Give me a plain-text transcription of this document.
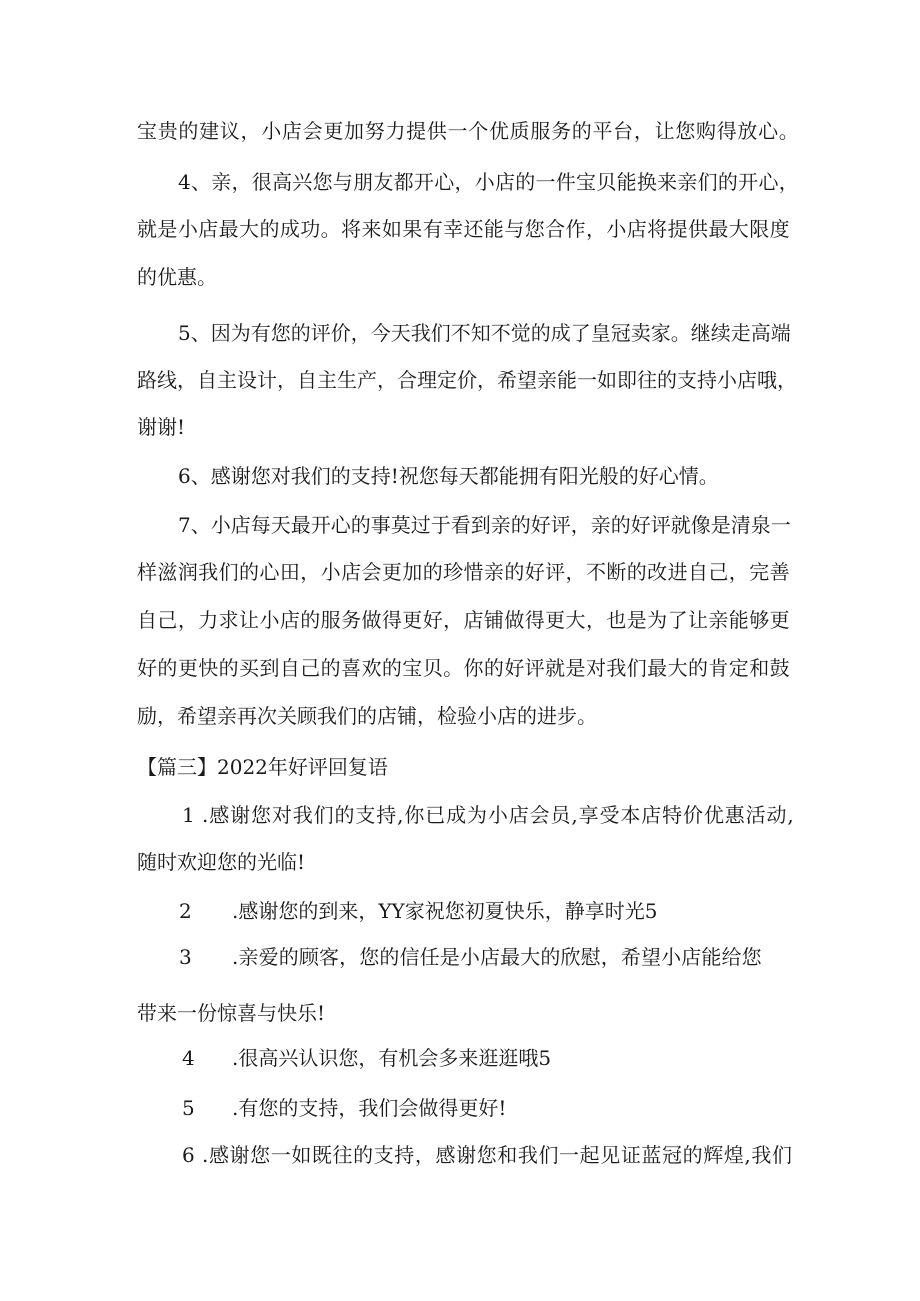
宝 贵 的 建 议 ， 小 店 会 更 加 努 力 提 供 一 个 优 质 服 务 的 平 台 ， 让 您 购 得 放 心 。
4 、 亲 ， 很 高 兴 您 与 朋 友 都 开 心 ， 小 店 的 一 件 宝 贝 能 换 来 亲 们 的 开 心 ，
就 是 小 店 最 大 的 成 功 。 将 来 如 果 有 幸 还 能 与 您 合 作 ， 小 店 将 提 供 最 大 限 度
的优惠。
5 、 因 为 有 您 的 评 价 ， 今 天 我 们 不 知 不 觉 的 成 了 皇 冠 卖 家 。 继 续 走 高 端
路 线 ， 自 主 设 计 ， 自 主 生 产 ， 合 理 定 价 ， 希 望 亲 能 一 如 即 往 的 支 持 小 店 哦 ，
谢谢!
6、感谢您对我们的支持!祝您每天都能拥有阳光般的好心情。
7 、 小 店 每 天 最 开 心 的 事 莫 过 于 看 到 亲 的 好 评 ， 亲 的 好 评 就 像 是 清 泉 一
样 滋 润 我 们 的 心 田 ， 小 店 会 更 加 的 珍 惜 亲 的 好 评 ， 不 断 的 改 进 自 己 ， 完 善
自 己 ， 力 求 让 小 店 的 服 务 做 得 更 好 ， 店 铺 做 得 更 大 ， 也 是 为 了 让 亲 能 够 更
好 的 更 快 的 买 到 自 己 的 喜 欢 的 宝 贝 。 你 的 好 评 就 是 对 我 们 最 大 的 肯 定 和 鼓
励，希望亲再次关顾我们的店铺，检验小店的进步。
【篇三】2022年好评回复语
1 . 感 谢 您 对 我 们 的 支 持 , 你 已 成 为 小 店 会 员 , 享 受 本 店 特 价 优 惠 活 动 ,
随时欢迎您的光临!
2 .感谢您的到来，YY家祝您初夏快乐，静享时光5
3 . 亲 爱 的 顾 客 ， 您 的 信 任 是 小 店 最 大 的 欣 慰 ， 希 望 小 店 能 给 您
带来一份惊喜与快乐!
4 .很高兴认识您，有机会多来逛逛哦5
5 .有您的支持，我们会做得更好!
6 . 感 谢 您 一 如 既 往 的 支 持 ， 感 谢 您 和 我 们 一 起 见 证 蓝 冠 的 辉 煌 , 我 们
